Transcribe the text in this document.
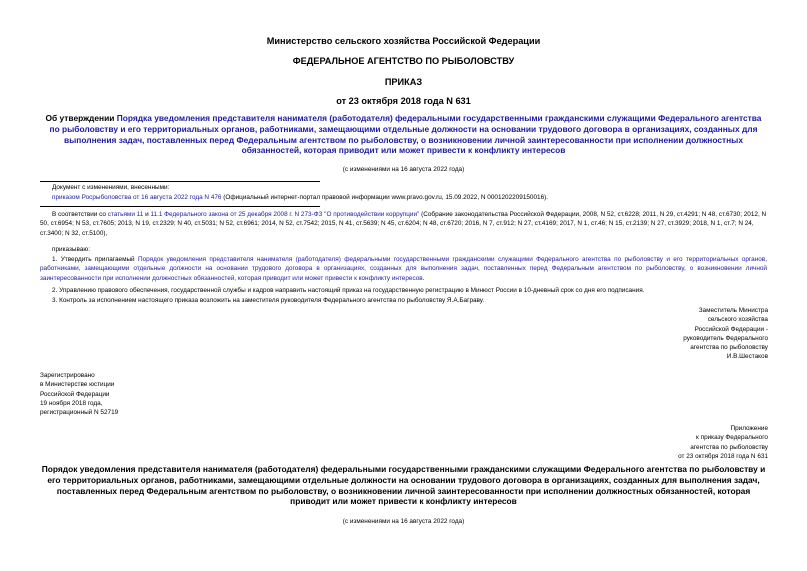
Министерство сельского хозяйства Российской Федерации
ФЕДЕРАЛЬНОЕ АГЕНТСТВО ПО РЫБОЛОВСТВУ
ПРИКАЗ
от 23 октября 2018 года N 631
Об утверждении Порядка уведомления представителя нанимателя (работодателя) федеральными государственными гражданскими служащими Федерального агентства по рыболовству и его территориальных органов, работниками, замещающими отдельные должности на основании трудового договора в организациях, созданных для выполнения задач, поставленных перед Федеральным агентством по рыболовству, о возникновении личной заинтересованности при исполнении должностных обязанностей, которая приводит или может привести к конфликту интересов
(с изменениями на 16 августа 2022 года)
Документ с изменениями, внесенными:
приказом Росрыболовства от 16 августа 2022 года N 476 (Официальный интернет-портал правовой информации www.pravo.gov.ru, 15.09.2022, N 0001202209150016).
В соответствии со статьями 11 и 11.1 Федерального закона от 25 декабря 2008 г. N 273-ФЗ "О противодействии коррупции" (Собрание законодательства Российской Федерации, 2008, N 52, ст.6228; 2011, N 29, ст.4291; N 48, ст.6730; 2012, N 50, ст.6954; N 53, ст.7605; 2013, N 19, ст.2329; N 40, ст.5031; N 52, ст.6961; 2014, N 52, ст.7542; 2015, N 41, ст.5639; N 45, ст.6204; N 48, ст.6720; 2016, N 7, ст.912; N 27, ст.4169; 2017, N 1, ст.46; N 15, ст.2139; N 27, ст.3929; 2018, N 1, ст.7; N 24, ст.3400; N 32, ст.5100),
приказываю:
1. Утвердить прилагаемый Порядок уведомления представителя нанимателя (работодателя) федеральными государственными гражданскими служащими Федерального агентства по рыболовству и его территориальных органов, работниками, замещающими отдельные должности на основании трудового договора в организациях, созданных для выполнения задач, поставленных перед Федеральным агентством по рыболовству, о возникновении личной заинтересованности при исполнении должностных обязанностей, которая приводит или может привести к конфликту интересов.
2. Управлению правового обеспечения, государственной службы и кадров направить настоящий приказ на государственную регистрацию в Минюст России в 10-дневный срок со дня его подписания.
3. Контроль за исполнением настоящего приказа возложить на заместителя руководителя Федерального агентства по рыболовству Я.А.Баграву.
Заместитель Министра
сельского хозяйства
Российской Федерации -
руководитель Федерального
агентства по рыболовству
И.В.Шестаков
Зарегистрировано
в Министерстве юстиции
Российской Федерации
19 ноября 2018 года,
регистрационный N 52719
Приложение
к приказу Федерального
агентства по рыболовству
от 23 октября 2018 года N 631
Порядок уведомления представителя нанимателя (работодателя) федеральными государственными гражданскими служащими Федерального агентства по рыболовству и его территориальных органов, работниками, замещающими отдельные должности на основании трудового договора в организациях, созданных для выполнения задач, поставленных перед Федеральным агентством по рыболовству, о возникновении личной заинтересованности при исполнении должностных обязанностей, которая приводит или может привести к конфликту интересов
(с изменениями на 16 августа 2022 года)
